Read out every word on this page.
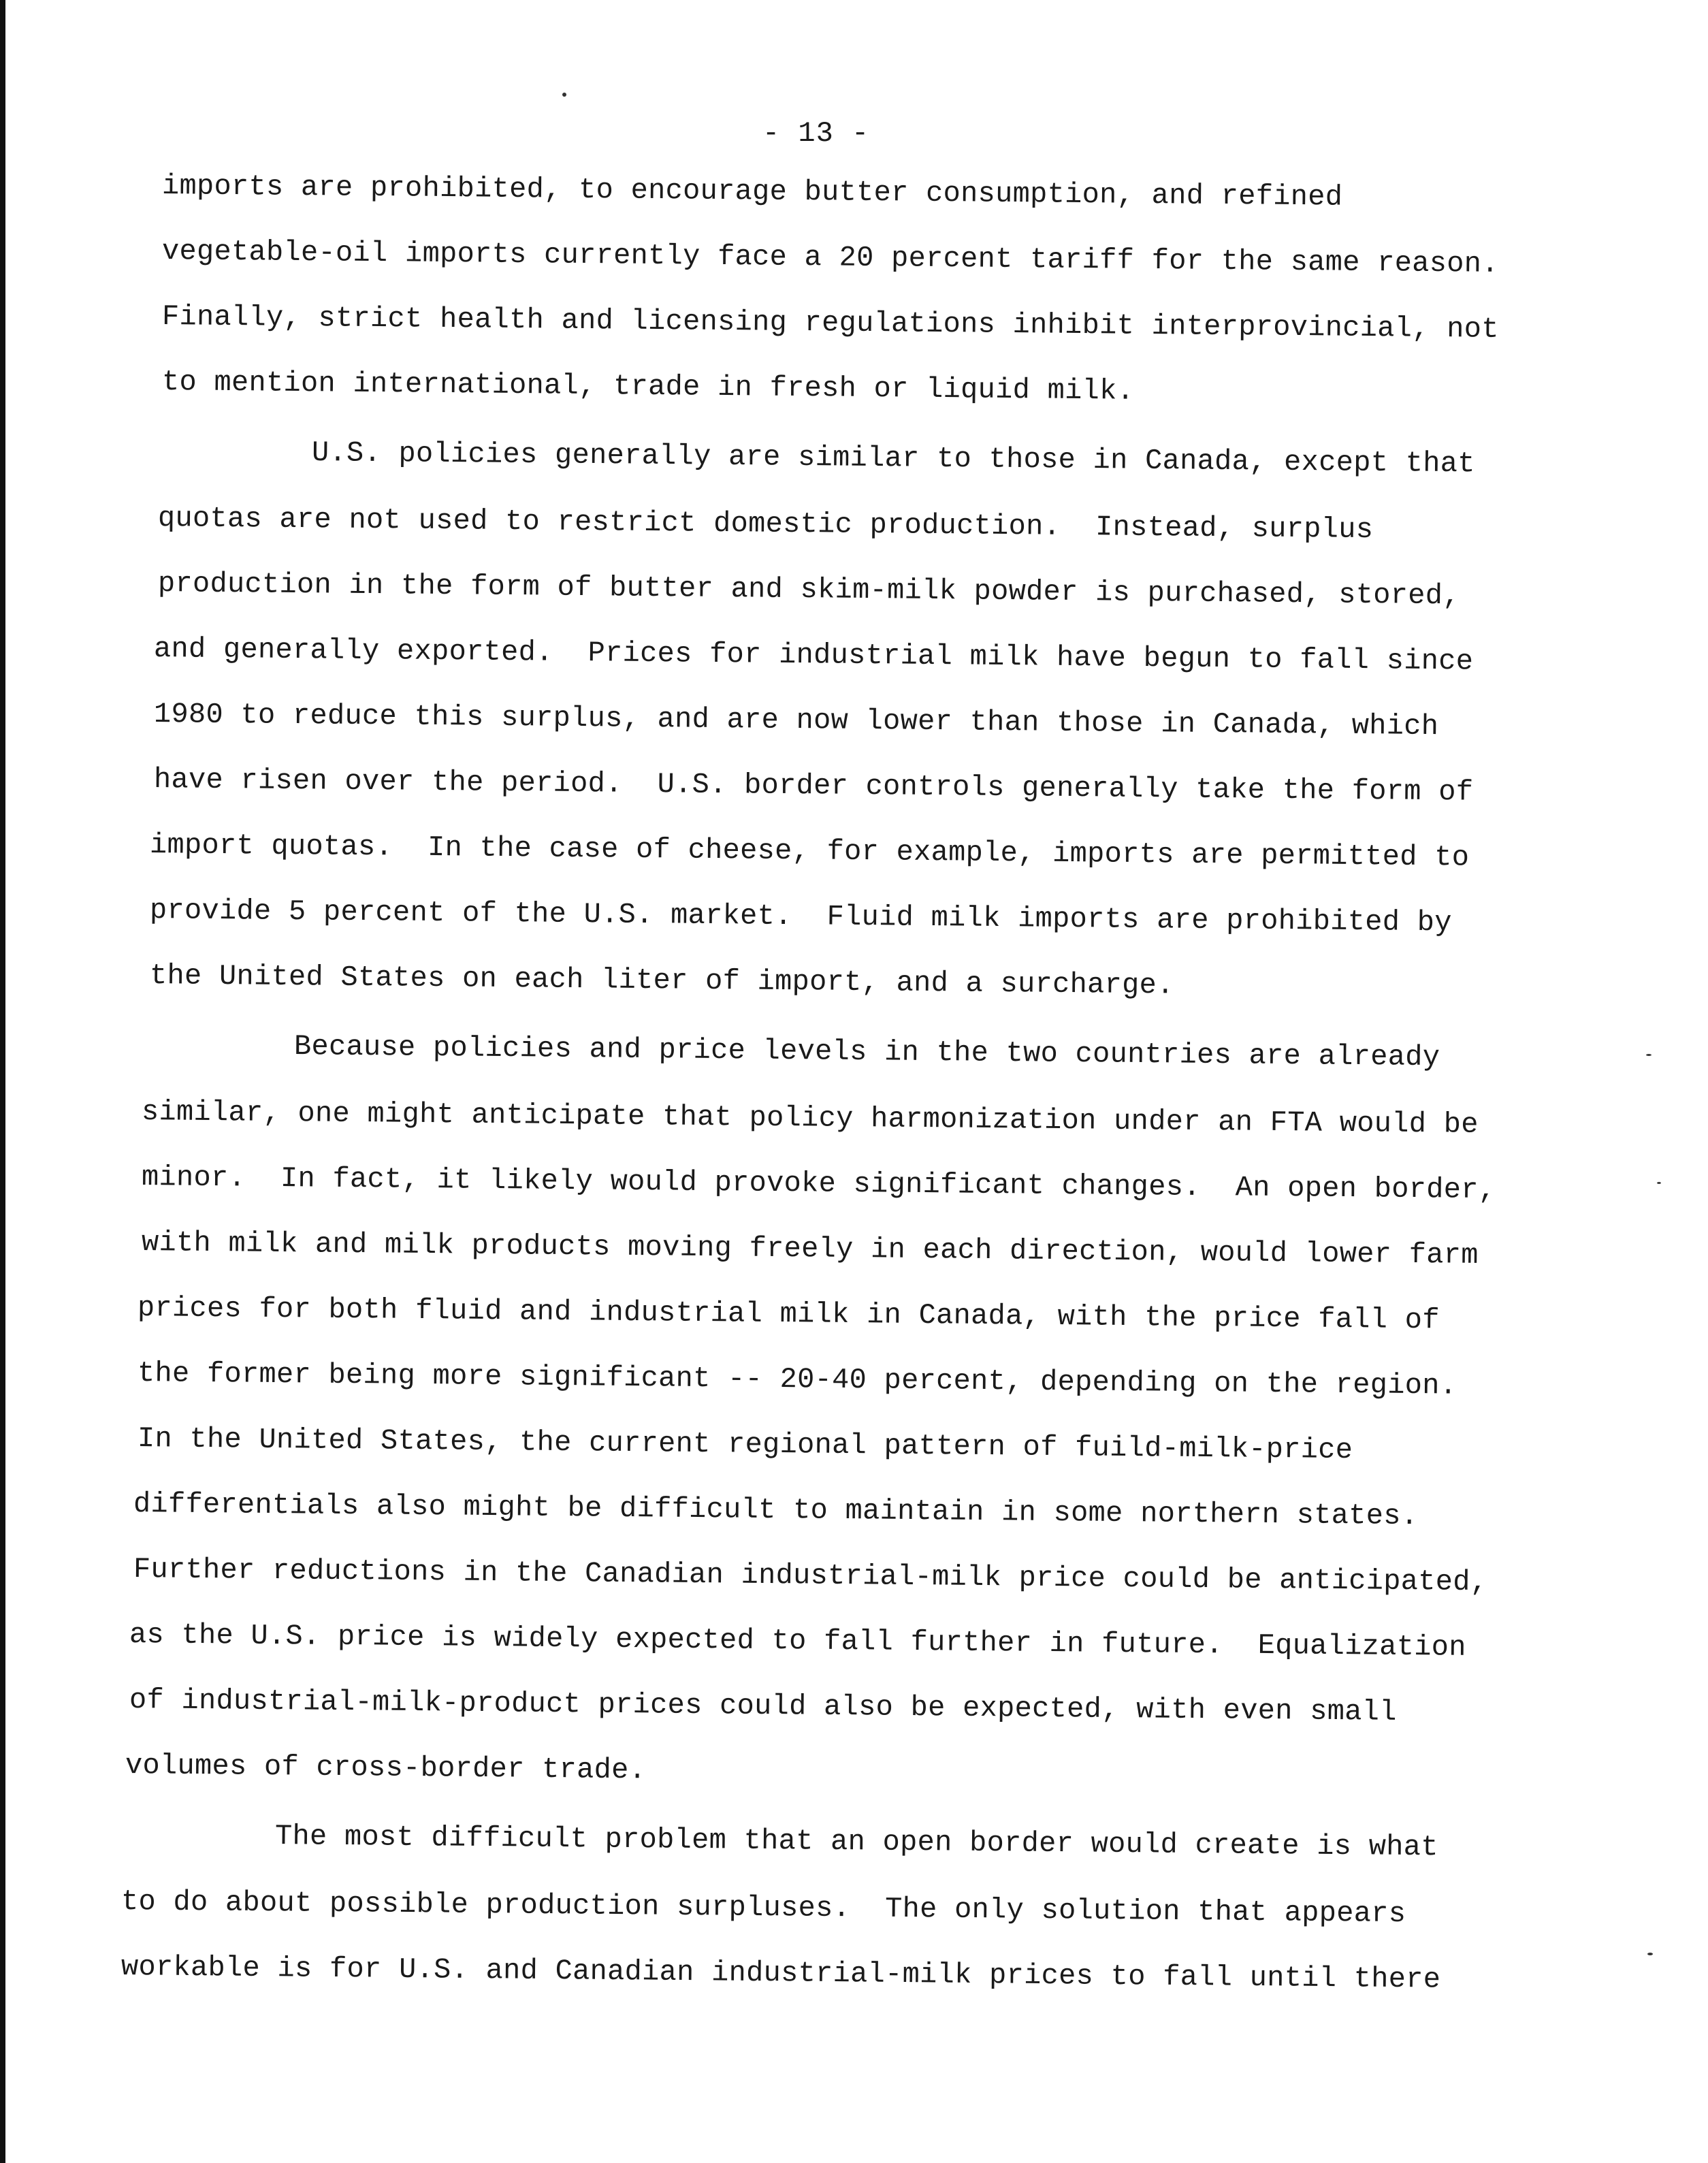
- 13 -
imports are prohibited, to encourage butter consumption, and refined
vegetable-oil imports currently face a 20 percent tariff for the same reason.
Finally, strict health and licensing regulations inhibit interprovincial, not
to mention international, trade in fresh or liquid milk.
U.S. policies generally are similar to those in Canada, except that
quotas are not used to restrict domestic production.  Instead, surplus
production in the form of butter and skim-milk powder is purchased, stored,
and generally exported.  Prices for industrial milk have begun to fall since
1980 to reduce this surplus, and are now lower than those in Canada, which
have risen over the period.  U.S. border controls generally take the form of
import quotas.  In the case of cheese, for example, imports are permitted to
provide 5 percent of the U.S. market.  Fluid milk imports are prohibited by
the United States on each liter of import, and a surcharge.
Because policies and price levels in the two countries are already
similar, one might anticipate that policy harmonization under an FTA would be
minor.  In fact, it likely would provoke significant changes.  An open border,
with milk and milk products moving freely in each direction, would lower farm
prices for both fluid and industrial milk in Canada, with the price fall of
the former being more significant -- 20-40 percent, depending on the region.
In the United States, the current regional pattern of fuild-milk-price
differentials also might be difficult to maintain in some northern states.
Further reductions in the Canadian industrial-milk price could be anticipated,
as the U.S. price is widely expected to fall further in future.  Equalization
of industrial-milk-product prices could also be expected, with even small
volumes of cross-border trade.
The most difficult problem that an open border would create is what
to do about possible production surpluses.  The only solution that appears
workable is for U.S. and Canadian industrial-milk prices to fall until there
